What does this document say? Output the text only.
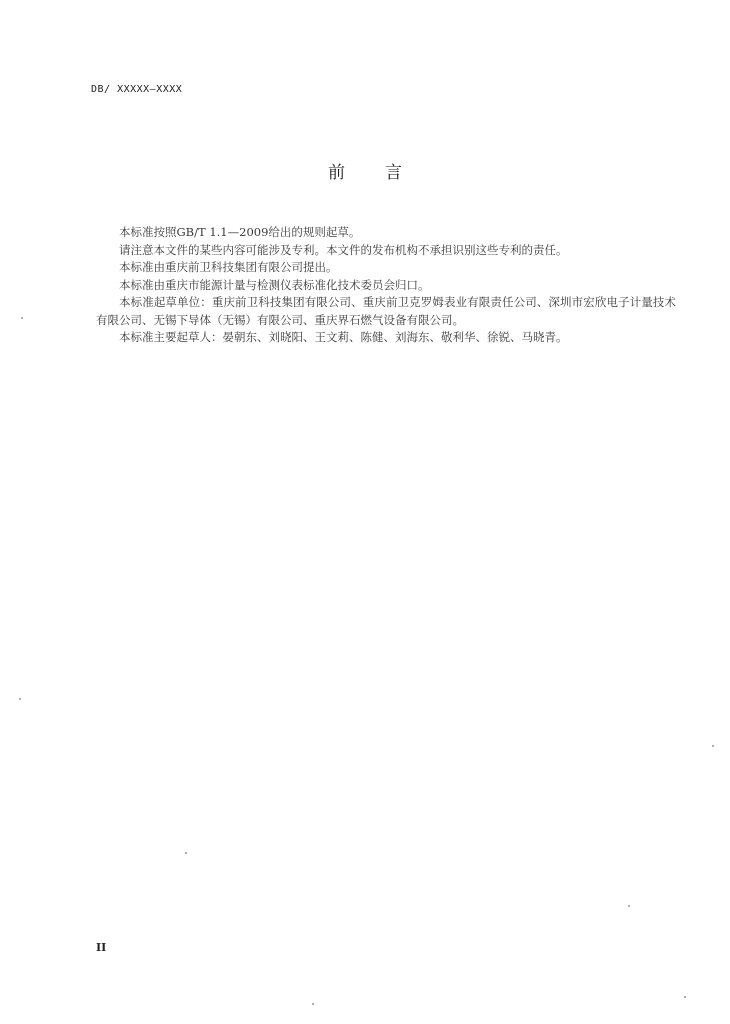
DB/ XXXXX—XXXX
前 言

本标准按照GB/T 1.1—2009给出的规则起草。

请注意本文件的某些内容可能涉及专利。本文件的发布机构不承担识别这些专利的责任。

本标准由重庆前卫科技集团有限公司提出。

本标准由重庆市能源计量与检测仪表标准化技术委员会归口。

本标准起草单位：重庆前卫科技集团有限公司、重庆前卫克罗姆表业有限责任公司、深圳市宏欣电子计量技术有限公司、无锡下导体（无锡）有限公司、重庆界石燃气设备有限公司。

本标准主要起草人：晏朝东、刘晓阳、王文莉、陈健、刘海东、敬利华、徐锐、马晓青。

II
